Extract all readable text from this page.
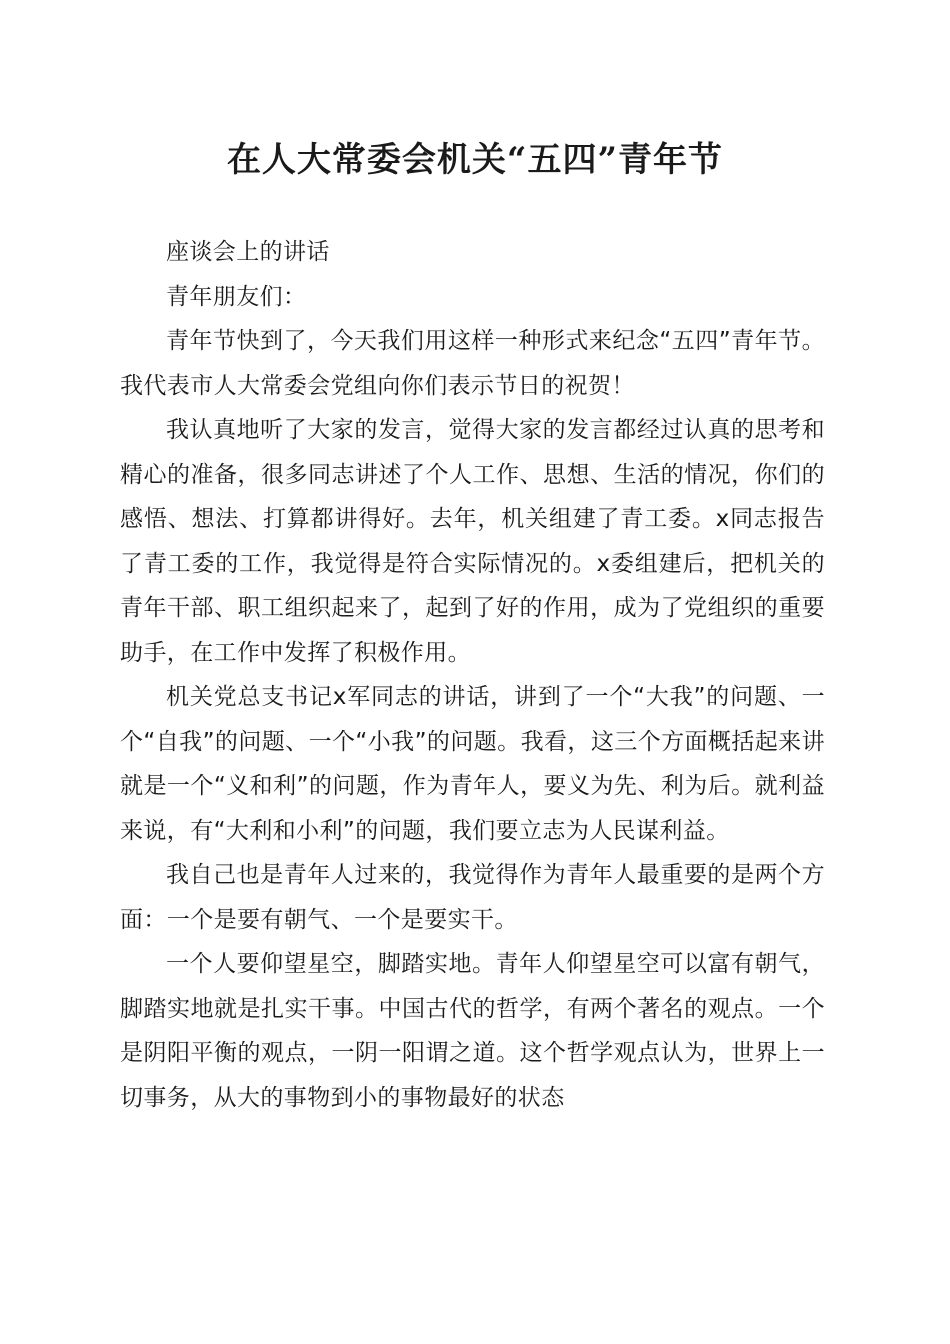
在人大常委会机关“五四”青年节

座谈会上的讲话

青年朋友们：

青年节快到了，今天我们用这样一种形式来纪念“五四”青年节。我代表市人大常委会党组向你们表示节日的祝贺！

我认真地听了大家的发言，觉得大家的发言都经过认真的思考和精心的准备，很多同志讲述了个人工作、思想、生活的情况，你们的感悟、想法、打算都讲得好。去年，机关组建了青工委。x同志报告了青工委的工作，我觉得是符合实际情况的。x委组建后，把机关的青年干部、职工组织起来了，起到了好的作用，成为了党组织的重要助手，在工作中发挥了积极作用。

机关党总支书记x军同志的讲话，讲到了一个“大我”的问题、一个“自我”的问题、一个“小我”的问题。我看，这三个方面概括起来讲就是一个“义和利”的问题，作为青年人，要义为先、利为后。就利益来说，有“大利和小利”的问题，我们要立志为人民谋利益。

我自己也是青年人过来的，我觉得作为青年人最重要的是两个方面：一个是要有朝气、一个是要实干。

一个人要仰望星空，脚踏实地。青年人仰望星空可以富有朝气，脚踏实地就是扎实干事。中国古代的哲学，有两个著名的观点。一个是阴阳平衡的观点，一阴一阳谓之道。这个哲学观点认为，世界上一切事务，从大的事物到小的事物最好的状态
